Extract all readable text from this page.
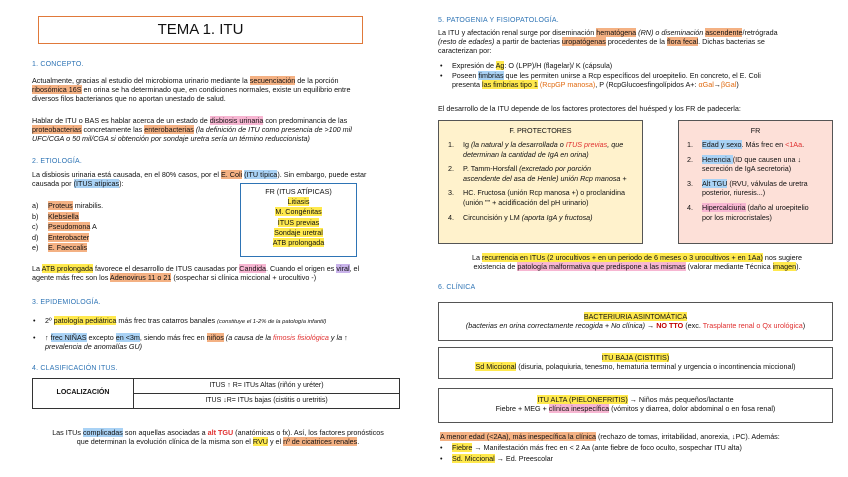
TEMA 1. ITU
1. CONCEPTO.
Actualmente, gracias al estudio del microbioma urinario mediante la secuenciación de la porción
ribosómica 16S en orina se ha determinado que, en condiciones normales, existe un equilibrio entre
diversos filos bacterianos que no aportan unestado de salud.
Hablar de ITU o BAS es hablar acerca de un estado de disbiosis urinaria con predominancia de las
proteobacterias concretamente las enterobacterias (la definición de ITU como presencia de >100 mil
UFC/CGA o 50 mil/CGA si obtención por sondaje uretra sería un término reduccionista)
2. ETIOLOGÍA.
La disbiosis urinaria está causada, en el 80% casos, por el E. Coli (ITU típica). Sin embargo, puede estar
causada por (ITUS atípicas):
a) Proteus mirabilis.
b) Klebsiella
c) Pseudomona A
d) Enterobacter
e) E. Faeccalis
FR (ITUS ATÍPICAS)
Litiasis
M. Congénitas
ITUS previas
Sondaje uretral
ATB prolongada
La ATB prolongada favorece el desarrollo de ITUS causadas por Candida. Cuando el origen es viral, el
agente más frec son los Adenovirus 11 o 21 (sospechar si clínica miccional + urocultivo -)
3. EPIDEMIOLOGÍA.
• 2º patología pediátrica más frec tras catarros banales (constituye el 1-2% de la patología infantil)
• ↑ frec NIÑAS excepto en <3m, siendo más frec en niños (a causa de la fimosis fisiológica y la ↑
prevalencia de anomalías GU)
4. CLASIFICACIÓN ITUS.
LOCALIZACIÓN	ITUS ↑ R= ITUs Altas (riñón y uréter)
ITUS ↓R= ITUs bajas (cistitis o uretritis)
Las ITUs complicadas son aquellas asociadas a alt TGU (anatómicas o fx). Así, los factores pronósticos
que determinan la evolución clínica de la misma son el RVU y el nº de cicatrices renales.
5. PATOGENIA Y FISIOPATOLOGÍA.
La ITU y afectación renal surge por diseminación hematógena (RN) o diseminación ascendente/retrógrada
(resto de edades) a partir de bacterias uropatógenas procedentes de la flora fecal. Dichas bacterias se
caracterizan por:
• Expresión de Ag: O (LPP)/H (flagelar)/ K (cápsula)
• Poseen fimbrias que les permiten unirse a Rcp específicos del uroepitelio. En concreto, el E. Coli
presenta las fimbrias tipo 1 (RcpGP manosa), P (RcpGlucoesfingolípidos A+: αGal→βGal)
El desarrollo de la ITU depende de los factores protectores del huésped y los FR de padecerla:
F. PROTECTORES
1. Ig (la natural y la desarrollada o ITUS previas, que
determinan la cantidad de IgA en orina)
2. P. Tamm-Horsfall (excretado por porción
ascendente del asa de Henle) unión Rcp manosa +
3. HC. Fructosa (unión Rcp manosa +) o proclanidina
(unión "" + acidificación del pH urinario)
4. Circuncisión y LM (aporta IgA y fructosa)
FR
1. Edad y sexo. Más frec en <1Aa.
2. Herencia (ID que causen una ↓
secreción de IgA secretoria)
3. Alt TGU (RVU, válvulas de uretra
posterior, riuresis...)
4. Hipercalciuria (daño al uroepitelio
por los microcristales)
La recurrencia en ITUs (2 urocultivos + en un periodo de 6 meses o 3 urocultivos + en 1Aa) nos sugiere
existencia de patología malformativa que predispone a las mismas (valorar mediante Técnica imagen).
6. CLÍNICA
BACTERIURIA ASINTOMÁTICA
(bacterias en orina correctamente recogida + No clínica) → NO TTO (exc. Trasplante renal o Qx urológica)
ITU BAJA (CISTITIS)
Sd Miccional (disuria, polaquiuria, tenesmo, hematuria terminal y urgencia o incontinencia miccional)
ITU ALTA (PIELONEFRITIS) → Niños más pequeños/lactante
Fiebre + MEG + clínica inespecífica (vómitos y diarrea, dolor abdominal o en fosa renal)
A menor edad (<2Aa), más inespecífica la clínica (rechazo de tomas, irritabilidad, anorexia, ↓PC). Además:
• Fiebre → Manifestación más frec en < 2 Aa (ante fiebre de foco oculto, sospechar ITU alta)
• Sd. Miccional → Ed. Preescolar
